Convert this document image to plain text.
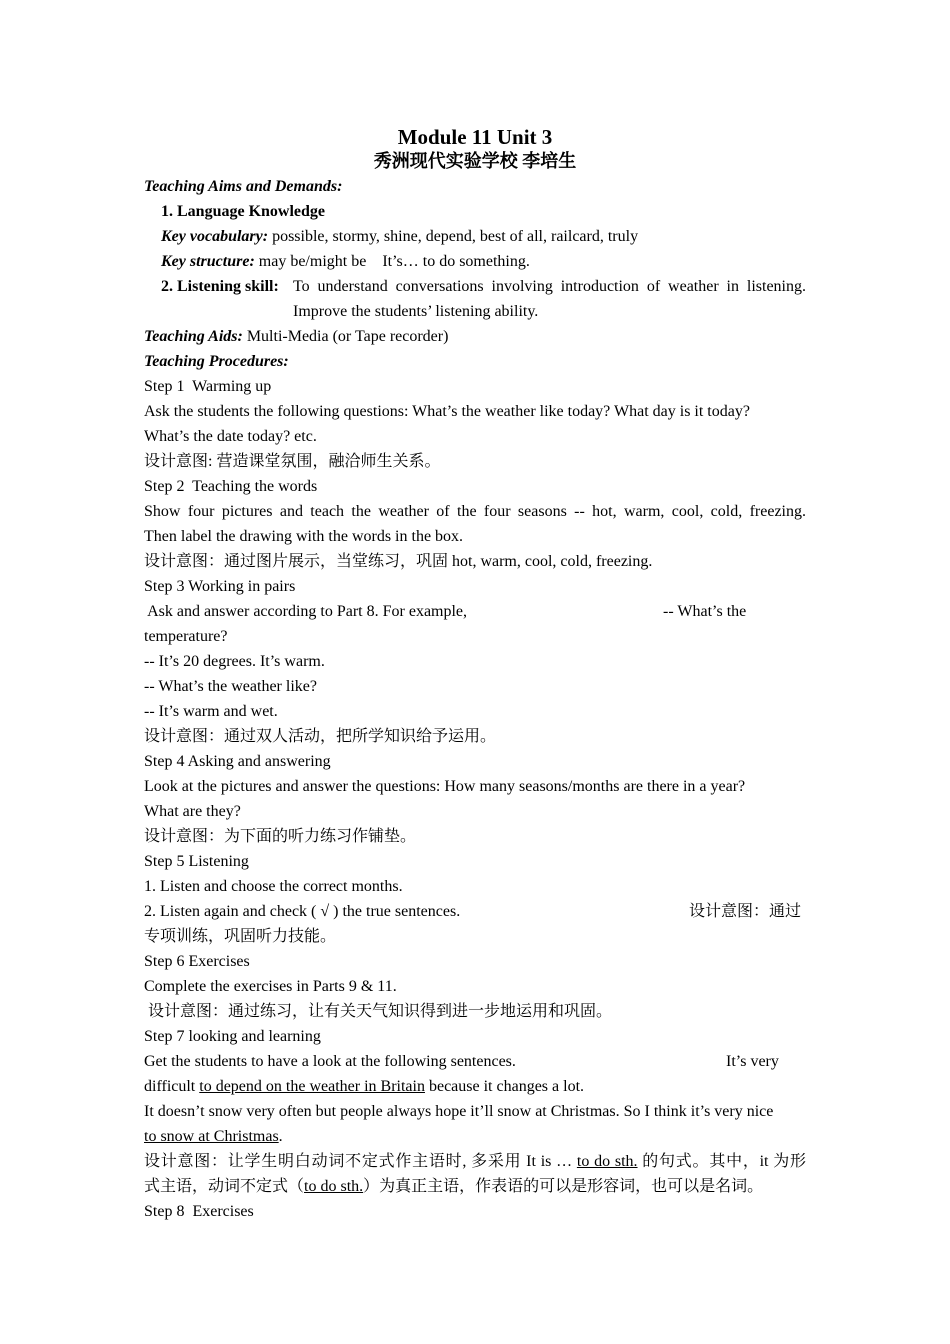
Module 11 Unit 3
秀洲现代实验学校 李培生
Teaching Aims and Demands:
1. Language Knowledge
Key vocabulary: possible, stormy, shine, depend, best of all, railcard, truly
Key structure: may be/might be    It’s… to do something.
2. Listening skill: To understand conversations involving introduction of weather in listening.
Improve the students’ listening ability.
Teaching Aids: Multi-Media (or Tape recorder)
Teaching Procedures:
Step 1  Warming up
Ask the students the following questions: What’s the weather like today? What day is it today?
What’s the date today? etc.
设计意图: 营造课堂氛围，融洽师生关系。
Step 2  Teaching the words
Show four pictures and teach the weather of the four seasons -- hot, warm, cool, cold, freezing.
Then label the drawing with the words in the box.
设计意图：通过图片展示，当堂练习，巩固 hot, warm, cool, cold, freezing.
Step 3 Working in pairs
Ask and answer according to Part 8. For example,	-- What’s the
temperature?
-- It’s 20 degrees. It’s warm.
-- What’s the weather like?
-- It’s warm and wet.
设计意图：通过双人活动，把所学知识给予运用。
Step 4 Asking and answering
Look at the pictures and answer the questions: How many seasons/months are there in a year?
What are they?
设计意图：为下面的听力练习作铺垫。
Step 5 Listening
1. Listen and choose the correct months.
2. Listen again and check ( √ ) the true sentences.	设计意图：通过
专项训练，巩固听力技能。
Step 6 Exercises
Complete the exercises in Parts 9 & 11.
设计意图：通过练习，让有关天气知识得到进一步地运用和巩固。
Step 7 looking and learning
Get the students to have a look at the following sentences.	It’s very
difficult to depend on the weather in Britain because it changes a lot.
It doesn’t snow very often but people always hope it’ll snow at Christmas. So I think it’s very nice
to snow at Christmas.
设计意图：让学生明白动词不定式作主语时, 多采用 It is … to do sth. 的句式。其中，it 为形
式主语，动词不定式（to do sth.）为真正主语，作表语的可以是形容词，也可以是名词。
Step 8  Exercises
